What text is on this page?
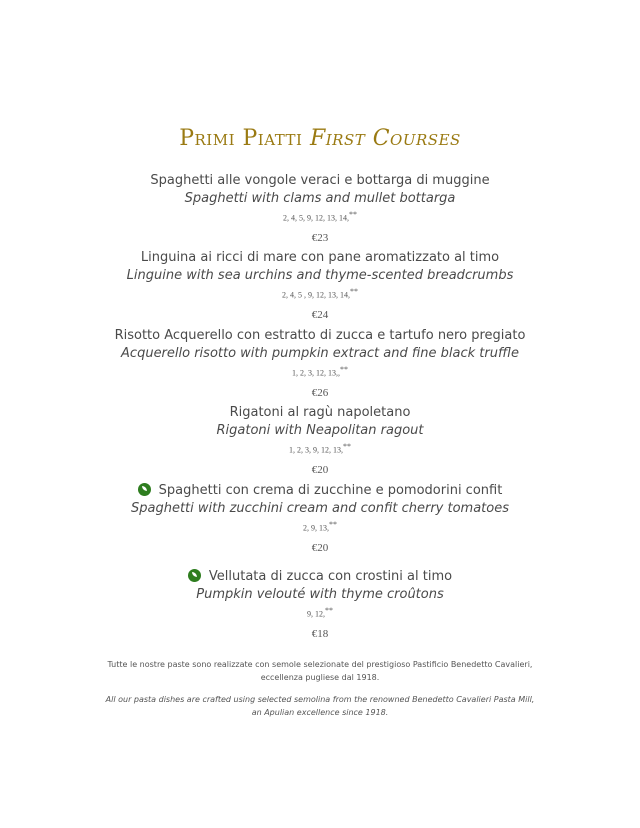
Primi Piatti First Courses
Spaghetti alle vongole veraci e bottarga di muggine
Spaghetti with clams and mullet bottarga
2, 4, 5, 9, 12, 13, 14,**
€23
Linguina ai ricci di mare con pane aromatizzato al timo
Linguine with sea urchins and thyme-scented breadcrumbs
2, 4, 5 , 9, 12, 13, 14,**
€24
Risotto Acquerello con estratto di zucca e tartufo nero pregiato
Acquerello risotto with pumpkin extract and fine black truffle
1, 2, 3, 12, 13,,**
€26
Rigatoni al ragù napoletano
Rigatoni with Neapolitan ragout
1, 2, 3, 9, 12, 13,**
€20
Spaghetti con crema di zucchine e pomodorini confit
Spaghetti with zucchini cream and confit cherry tomatoes
2, 9, 13,**
€20
Vellutata di zucca con crostini al timo
Pumpkin velouté with thyme croûtons
9, 12,**
€18
Tutte le nostre paste sono realizzate con semole selezionate del prestigioso Pastificio Benedetto Cavalieri, eccellenza pugliese dal 1918.
All our pasta dishes are crafted using selected semolina from the renowned Benedetto Cavalieri Pasta Mill, an Apulian excellence since 1918.
